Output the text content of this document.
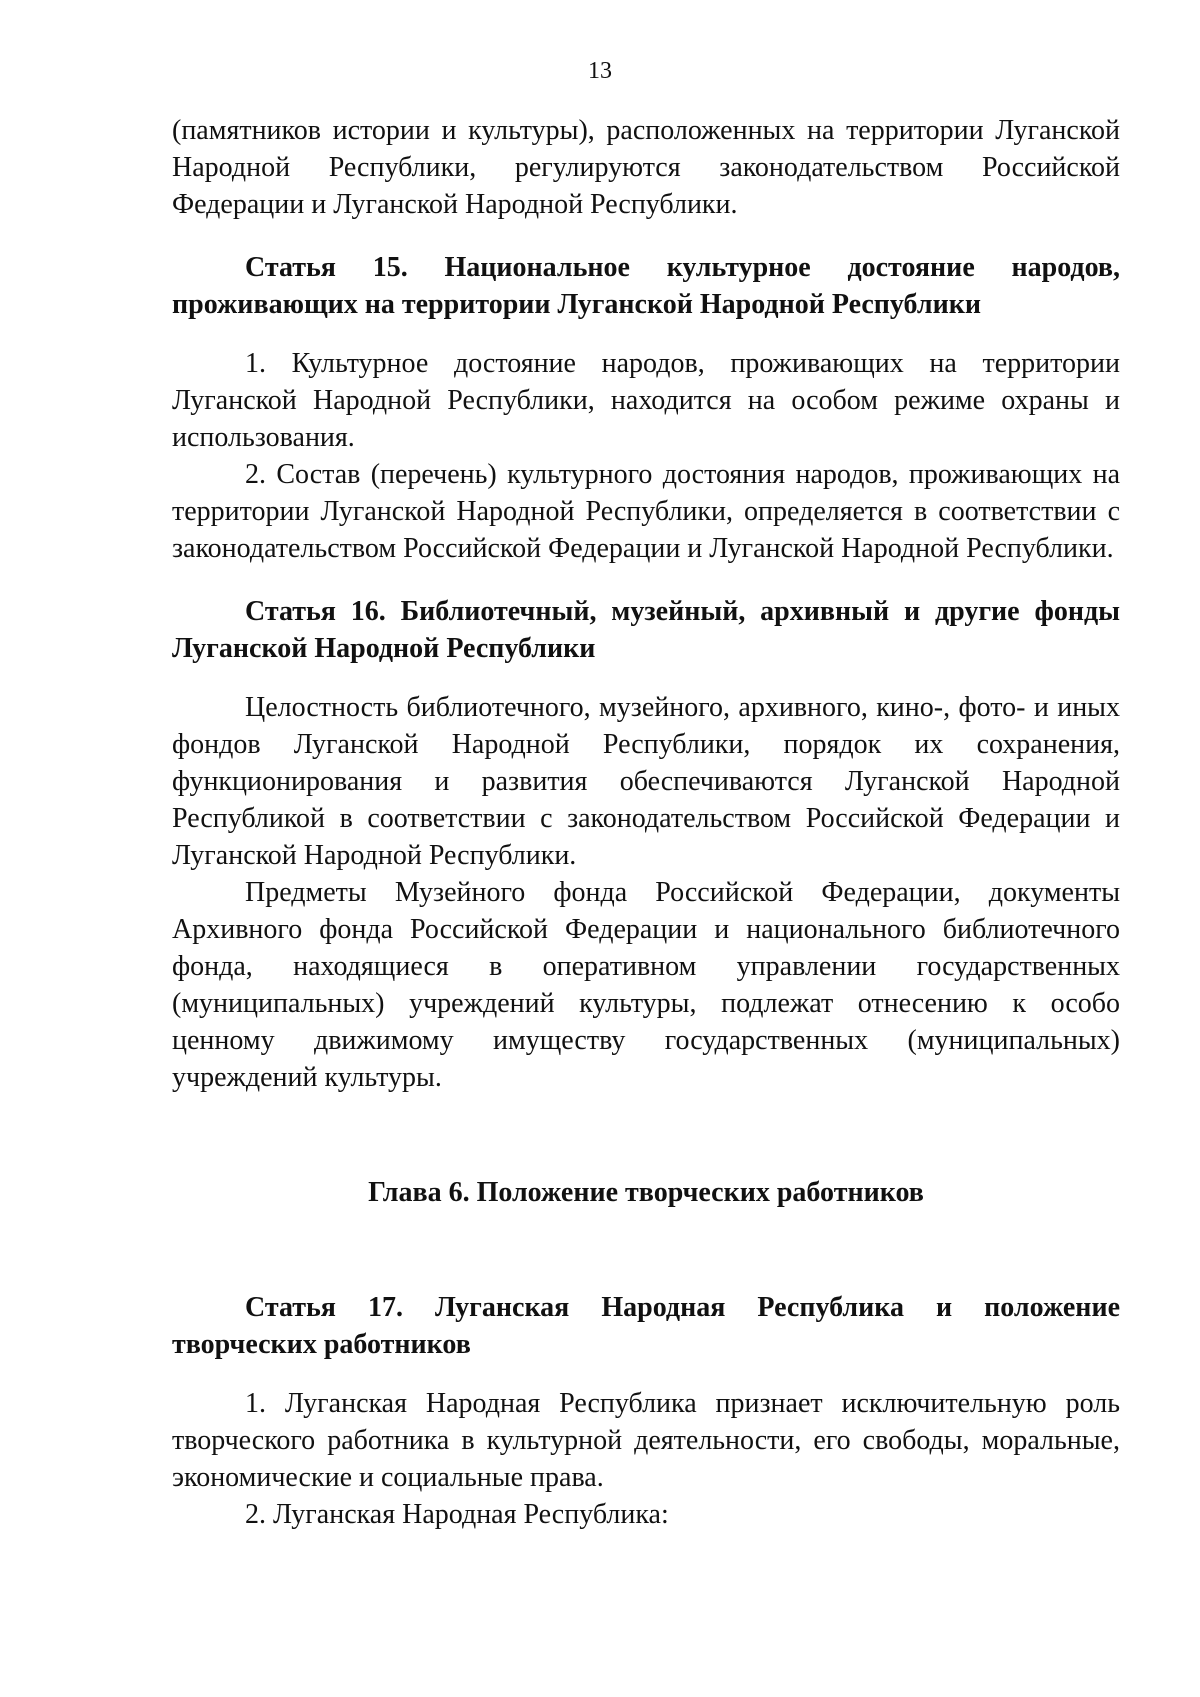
13

(памятников истории и культуры), расположенных на территории Луганской Народной Республики, регулируются законодательством Российской Федерации и Луганской Народной Республики.

Статья 15. Национальное культурное достояние народов, проживающих на территории Луганской Народной Республики

1. Культурное достояние народов, проживающих на территории Луганской Народной Республики, находится на особом режиме охраны и использования.

2. Состав (перечень) культурного достояния народов, проживающих на территории Луганской Народной Республики, определяется в соответствии с законодательством Российской Федерации и Луганской Народной Республики.

Статья 16. Библиотечный, музейный, архивный и другие фонды Луганской Народной Республики

Целостность библиотечного, музейного, архивного, кино-, фото- и иных фондов Луганской Народной Республики, порядок их сохранения, функционирования и развития обеспечиваются Луганской Народной Республикой в соответствии с законодательством Российской Федерации и Луганской Народной Республики.

Предметы Музейного фонда Российской Федерации, документы Архивного фонда Российской Федерации и национального библиотечного фонда, находящиеся в оперативном управлении государственных (муниципальных) учреждений культуры, подлежат отнесению к особо ценному движимому имуществу государственных (муниципальных) учреждений культуры.

Глава 6. Положение творческих работников

Статья 17. Луганская Народная Республика и положение творческих работников

1. Луганская Народная Республика признает исключительную роль творческого работника в культурной деятельности, его свободы, моральные, экономические и социальные права.

2. Луганская Народная Республика:
